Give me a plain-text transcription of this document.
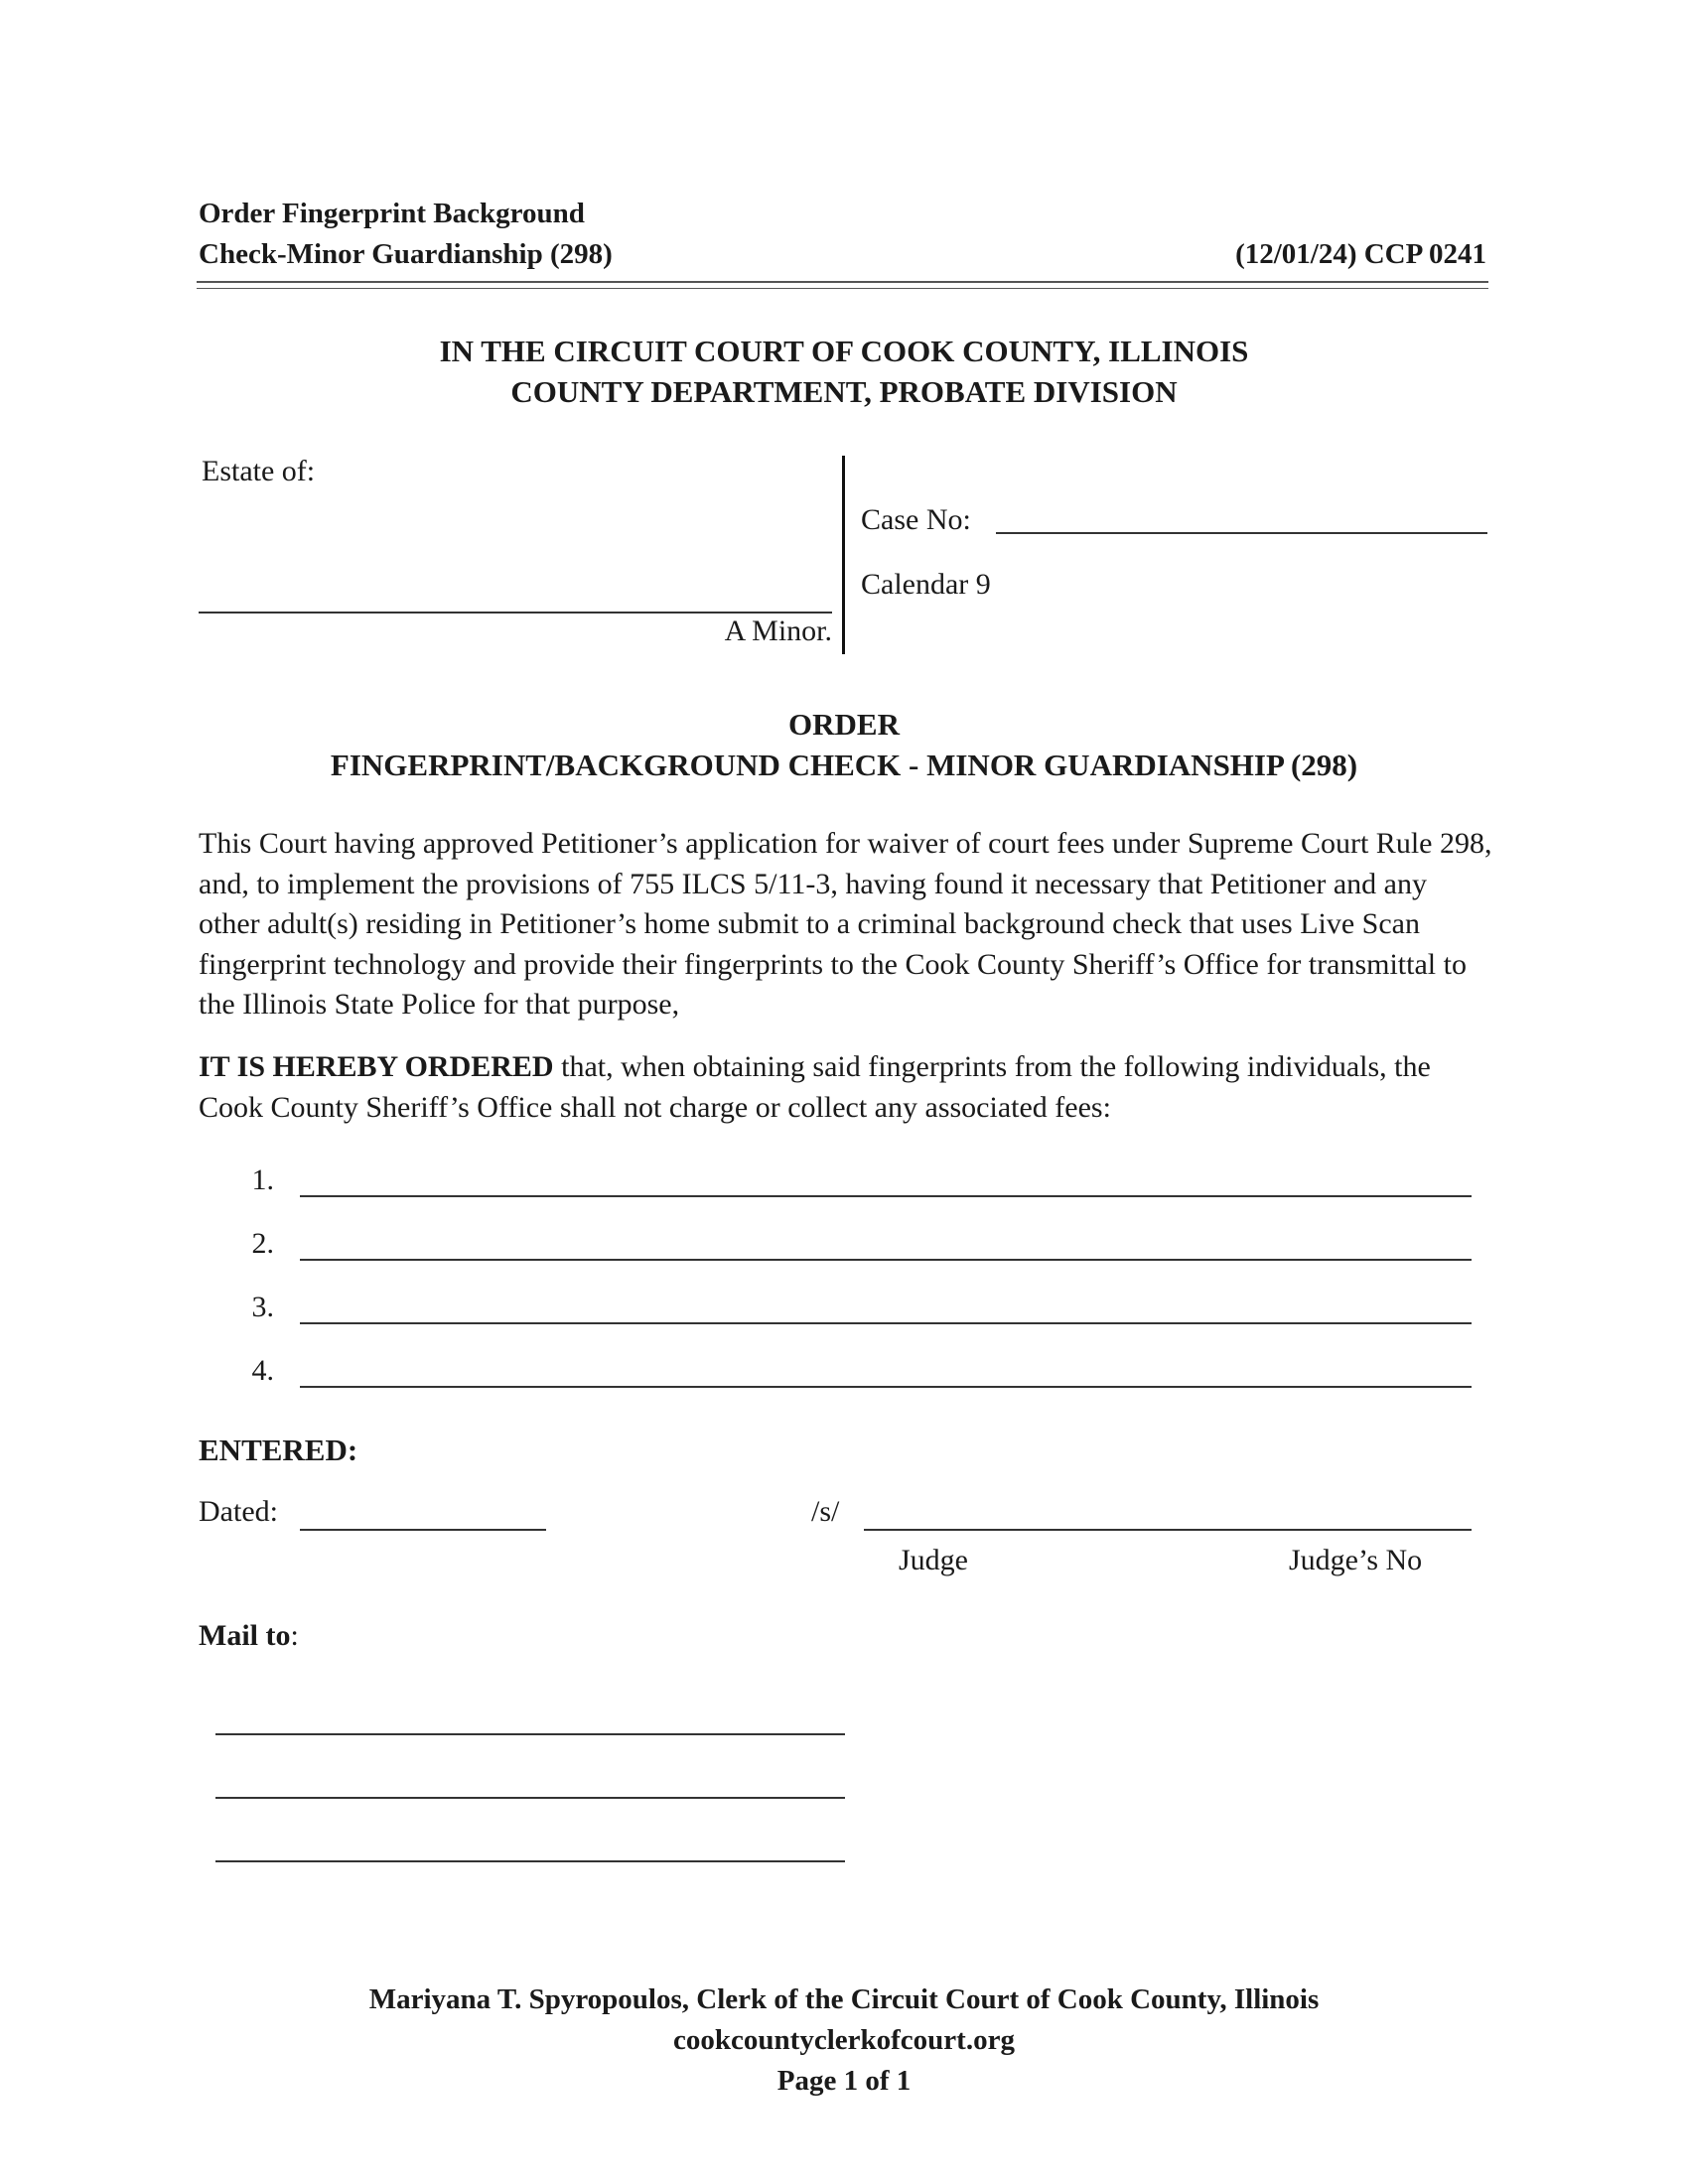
Order Fingerprint Background
Check-Minor Guardianship (298)	(12/01/24) CCP 0241
IN THE CIRCUIT COURT OF COOK COUNTY, ILLINOIS
COUNTY DEPARTMENT, PROBATE DIVISION
Estate of:
A Minor.
Case No:
Calendar 9
ORDER
FINGERPRINT/BACKGROUND CHECK - MINOR GUARDIANSHIP (298)
This Court having approved Petitioner’s application for waiver of court fees under Supreme Court Rule 298, and, to implement the provisions of 755 ILCS 5/11-3, having found it necessary that Petitioner and any other adult(s) residing in Petitioner’s home submit to a criminal background check that uses Live Scan fingerprint technology and provide their fingerprints to the Cook County Sheriff’s Office for transmittal to the Illinois State Police for that purpose,
IT IS HEREBY ORDERED that, when obtaining said fingerprints from the following individuals, the Cook County Sheriff’s Office shall not charge or collect any associated fees:
1.
2.
3.
4.
ENTERED:
Dated:	/s/
Judge	Judge’s No
Mail to:
Mariyana T. Spyropoulos, Clerk of the Circuit Court of Cook County, Illinois
cookcountyclerkofcourt.org
Page 1 of 1
